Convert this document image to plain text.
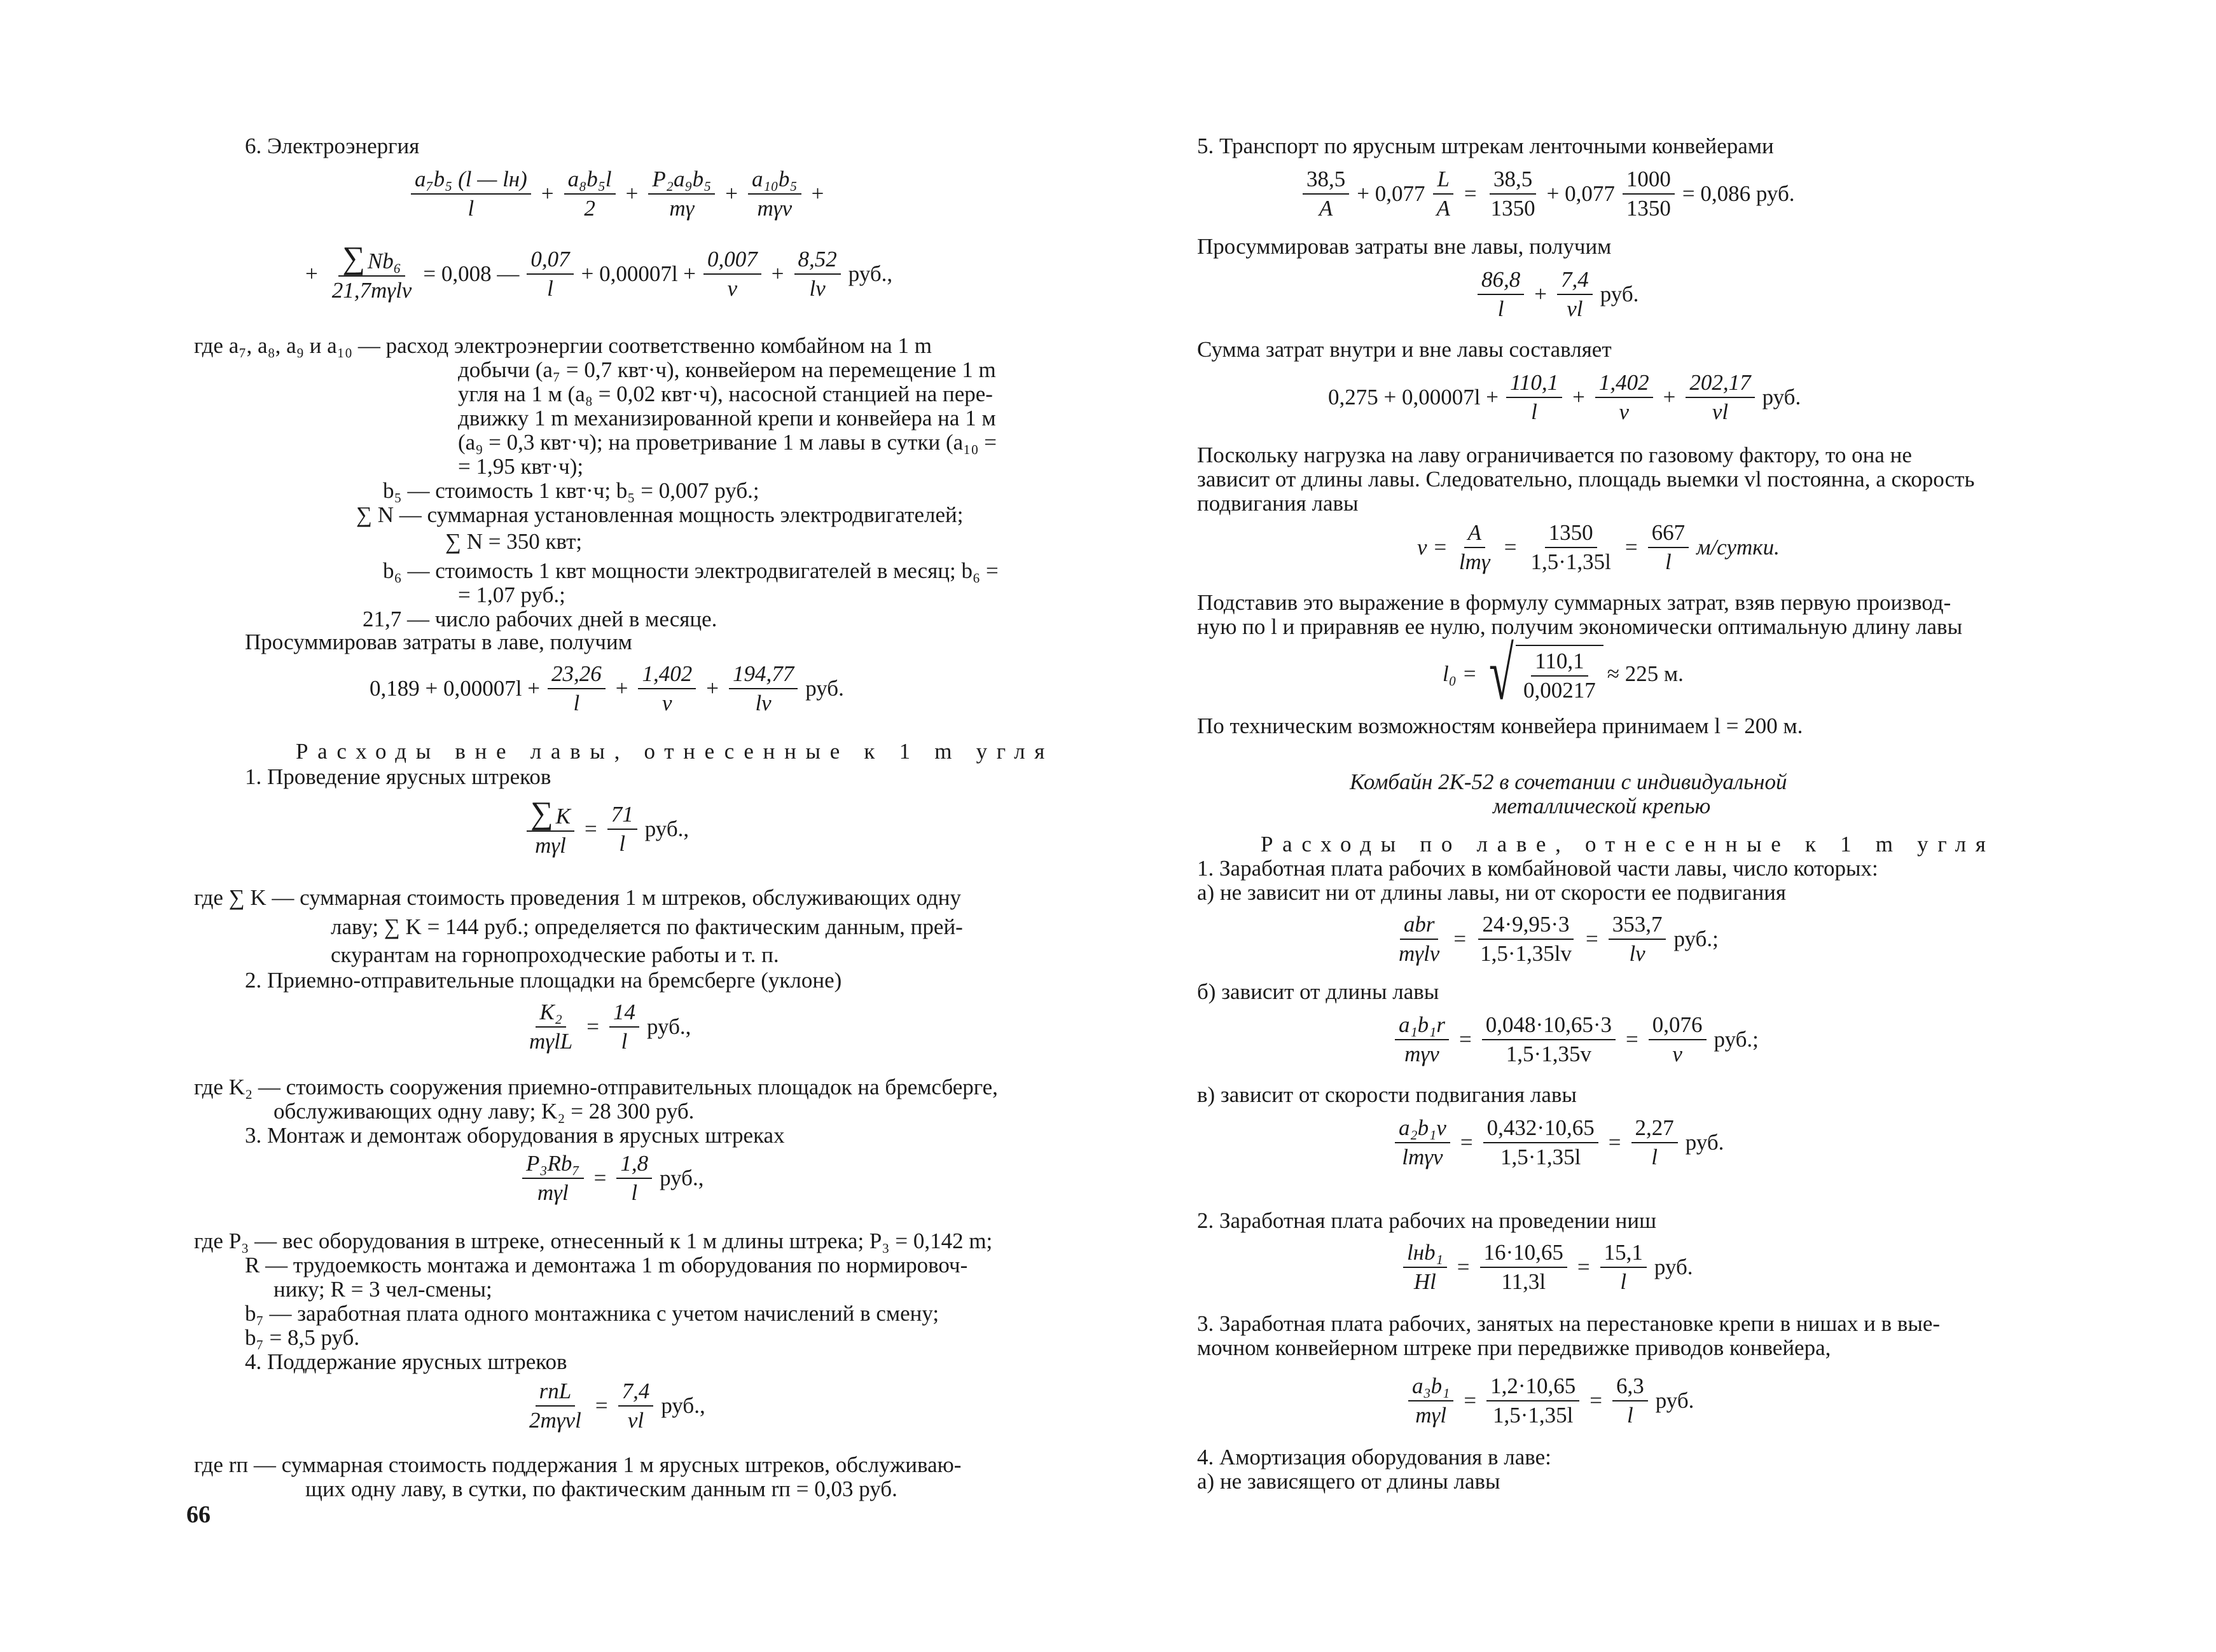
6. Электроэнергия
a₇b₅ (l — lн)
l
+ $\frac{\text{a₈b₅l}}{2} + \frac{\text{P₂a₉b₅}}{m\gamma}$ +
a₁₀b₅
mγv
+
+ ∑ Nb₆
21,7mγlv
= 0,008 —
0,07
l
+ $0,00007l + \frac{0,007}{v} + \frac{8,52}{lv}$ руб.,
где a₇, a₈, a₉ и a₁₀ — расход электроэнергии соответственно комбайном на 1 m
добычи (a₇ = 0,7 квт·ч), конвейером на перемещение 1 m
угля на 1 м (a₈ = 0,02 квт·ч), насосной станцией на пере-
движку 1 m механизированной крепи и конвейера на 1 м
(a₉ = 0,3 квт·ч); на проветривание 1 м лавы в сутки (a₁₀ =
= 1,95 квт·ч);
b₅ — стоимость 1 квт·ч; b₅ = 0,007 руб.;
∑ N — суммарная установленная мощность электродвигателей;
∑ N = 350 квт;
b₆ — стоимость 1 квт мощности электродвигателей в месяц; b₆ =
= 1,07 руб.;
21,7 — число рабочих дней в месяце.
Просуммировав затраты в лаве, получим
$0,189 + 0,00007l + \frac{23,26}{l} + \frac{1,402}{v} + \frac{194,77}{lv}$ руб.
Расходы вне лавы, отнесенные к 1 m угля
1. Проведение ярусных штреков
∑ K
mγl
= $\frac{71}{l}$ руб.,
где ∑ K — суммарная стоимость проведения 1 м штреков, обслуживающих одну
лаву; ∑ K = 144 руб.; определяется по фактическим данным, прей-
скурантам на горнопроходческие работы и т. п.
2. Приемно-отправительные площадки на бремсберге (уклоне)
K₂
mγlL
= $\frac{14}{l}$ руб.,
где K₂ — стоимость сооружения приемно-отправительных площадок на бремсберге,
обслуживающих одну лаву; K₂ = 28 300 руб.
3. Монтаж и демонтаж оборудования в ярусных штреках
P₃Rb₇
mγl
= $\frac{1,8}{l}$ руб.,
где P₃ — вес оборудования в штреке, отнесенный к 1 м длины штрека; P₃ = 0,142 m;
R — трудоемкость монтажа и демонтажа 1 m оборудования по нормировоч-
нику; R = 3 чел-смены;
b₇ — заработная плата одного монтажника с учетом начислений в смену;
b₇ = 8,5 руб.
4. Поддержание ярусных штреков
rпL
2mγvl
= $\frac{7,4}{vl}$ руб.,
где rп — суммарная стоимость поддержания 1 м ярусных штреков, обслуживаю-
щих одну лаву, в сутки, по фактическим данным rп = 0,03 руб.
66
5. Транспорт по ярусным штрекам ленточными конвейерами
38,5
A
+ $0,077 \frac{L}{A} = \frac{38,5}{1350} + 0,077 \frac{1000}{1350} = 0,086$ руб.
Просуммировав затраты вне лавы, получим
86,8
l
+ $\frac{7,4}{vl}$ руб.
Сумма затрат внутри и вне лавы составляет
$0,275 + 0,00007l + \frac{110,1}{l} + \frac{1,402}{v} + \frac{202,17}{vl}$ руб.
Поскольку нагрузка на лаву ограничивается по газовому фактору, то она не
зависит от длины лавы. Следовательно, площадь выемки vl постоянна, а скорость
подвигания лавы
v =
A
lmγ
= $\frac{1350}{1,5\cdot 1,35l} = \frac{667}{l}$ м/сутки.
Подставив это выражение в формулу суммарных затрат, взяв первую производ-
ную по l и приравняв ее нулю, получим экономически оптимальную длину лавы
l₀ = √ $\frac{110,1}{0,00217} \approx 225$ м.
По техническим возможностям конвейера принимаем l = 200 м.
Комбайн 2К-52 в сочетании с индивидуальной
металлической крепью
Расходы по лаве, отнесенные к 1 m угля
1. Заработная плата рабочих в комбайновой части лавы, число которых:
а) не зависит ни от длины лавы, ни от скорости ее подвигания
abr
mγlv
= $\frac{24\cdot 9,95\cdot 3}{1,5\cdot 1,35lv} = \frac{353,7}{lv}$ руб.;
б) зависит от длины лавы
a₁b₁r
mγv
= $\frac{0,048\cdot 10,65\cdot 3}{1,5\cdot 1,35v} = \frac{0,076}{v}$ руб.;
в) зависит от скорости подвигания лавы
a₂b₁v
lmγv
= $\frac{0,432\cdot 10,65}{1,5\cdot 1,35l} = \frac{2,27}{l}$ руб.
2. Заработная плата рабочих на проведении ниш
lнb₁
Hl
= $\frac{16\cdot 10,65}{11,3l} = \frac{15,1}{l}$ руб.
3. Заработная плата рабочих, занятых на перестановке крепи в нишах и в вые-
мочном конвейерном штреке при передвижке приводов конвейера,
a₃b₁
mγl
= $\frac{1,2\cdot 10,65}{1,5\cdot 1,35l} = \frac{6,3}{l}$ руб.
4. Амортизация оборудования в лаве:
а) не зависящего от длины лавы
